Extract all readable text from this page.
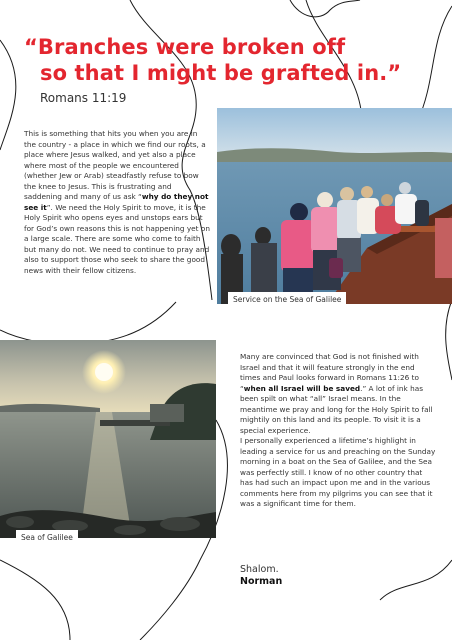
“Branches were broken off
so that I might be grafted in.”
Romans 11:19

This is something that hits you when you are in the country - a place in which we find our roots, a place where Jesus walked, and yet also a place where most of the people we encountered (whether Jew or Arab) steadfastly refuse to bow the knee to Jesus. This is frustrating and saddening and many of us ask “why do they not see it”. We need the Holy Spirit to move, it is the Holy Spirit who opens eyes and unstops ears but for God’s own reasons this is not happening yet on a large scale. There are some who come to faith but many do not. We need to continue to pray and also to support those who seek to share the good news with their fellow citizens.

Service on the Sea of Galilee
Sea of Galilee

Many are convinced that God is not finished with Israel and that it will feature strongly in the end times and Paul looks forward in Romans 11:26 to “when all Israel will be saved.” A lot of ink has been spilt on what “all” Israel means. In the meantime we pray and long for the Holy Spirit to fall mightily on this land and its people. To visit it is a special experience.
I personally experienced a lifetime’s highlight in leading a service for us and preaching on the Sunday morning in a boat on the Sea of Galilee, and the Sea was perfectly still. I know of no other country that has had such an impact upon me and in the various comments here from my pilgrims you can see that it was a significant time for them.

Shalom.
Norman
